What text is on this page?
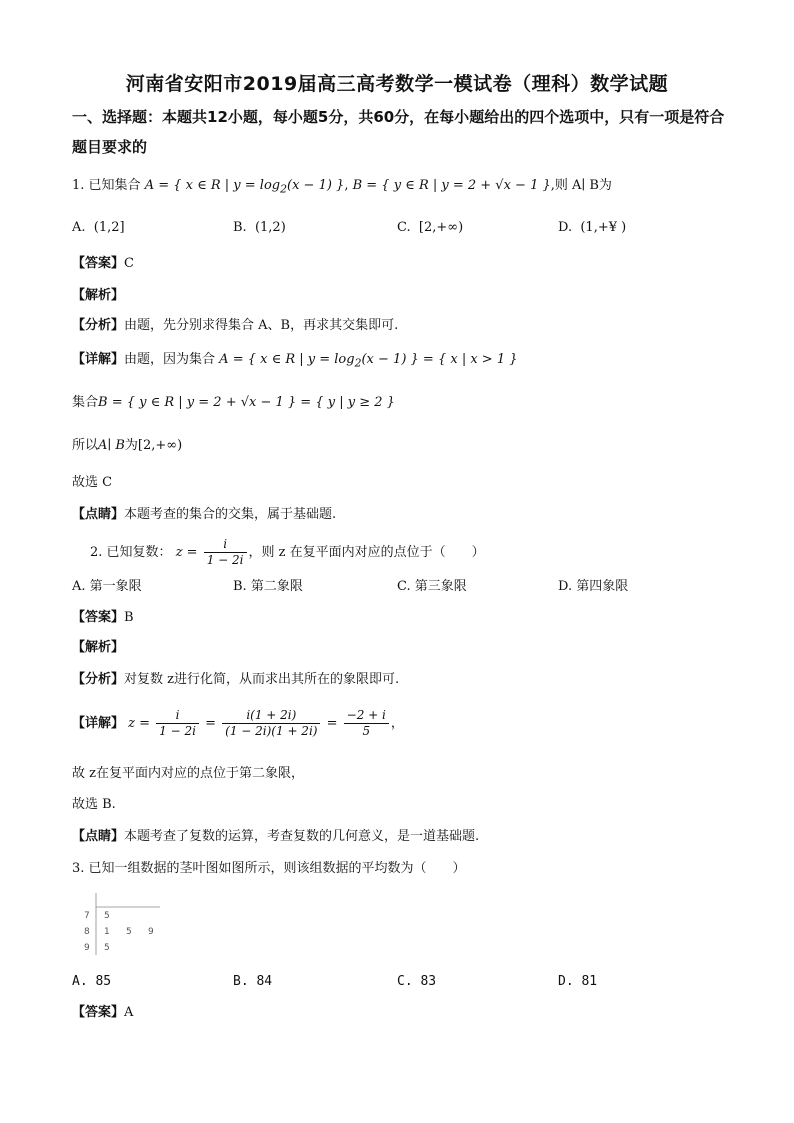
河南省安阳市2019届高三高考数学一模试卷（理科）数学试题
一、选择题：本题共12小题，每小题5分，共60分，在每小题给出的四个选项中，只有一项是符合题目要求的
1. 已知集合 A = { x ∈ R | $y = \log_2(x - 1)$ }, B = { y ∈ R | y = 2 + √x − 1 },则 A∣ B为
A. (1,2]	B. (1,2)	C. [2,+∞)	D. (1,+¥ )
【答案】C
【解析】
【分析】由题，先分别求得集合 A、B，再求其交集即可.
【详解】由题，因为集合 A = { x ∈ R | $y = \log_2(x - 1)$ } = { x | x > 1 }
集合B = { y ∈ R | y = 2 + √x − 1 } = { y | y ≥ 2 }
所以A∣ B为[2,+∞)
故选 C
【点睛】本题考查的集合的交集，属于基础题.
2. 已知复数： $z = \frac{i}{1 - 2i}$ ，则 z 在复平面内对应的点位于（　　）
A. 第一象限	B. 第二象限	C. 第三象限	D. 第四象限
【答案】B
【解析】
【分析】对复数 z进行化简，从而求出其所在的象限即可.
【详解】 $z = \frac{i}{1 - 2i} = \frac{i(1 + 2i)}{(1 - 2i)(1 + 2i)} = \frac{-2 + i}{5}$ ，
故 z在复平面内对应的点位于第二象限，
故选 B.
【点睛】本题考查了复数的运算，考查复数的几何意义，是一道基础题.
3. 已知一组数据的茎叶图如图所示，则该组数据的平均数为（　　）
7 5
8 1 5 9
9 5
A. 85	B. 84	C. 83	D. 81
【答案】A
